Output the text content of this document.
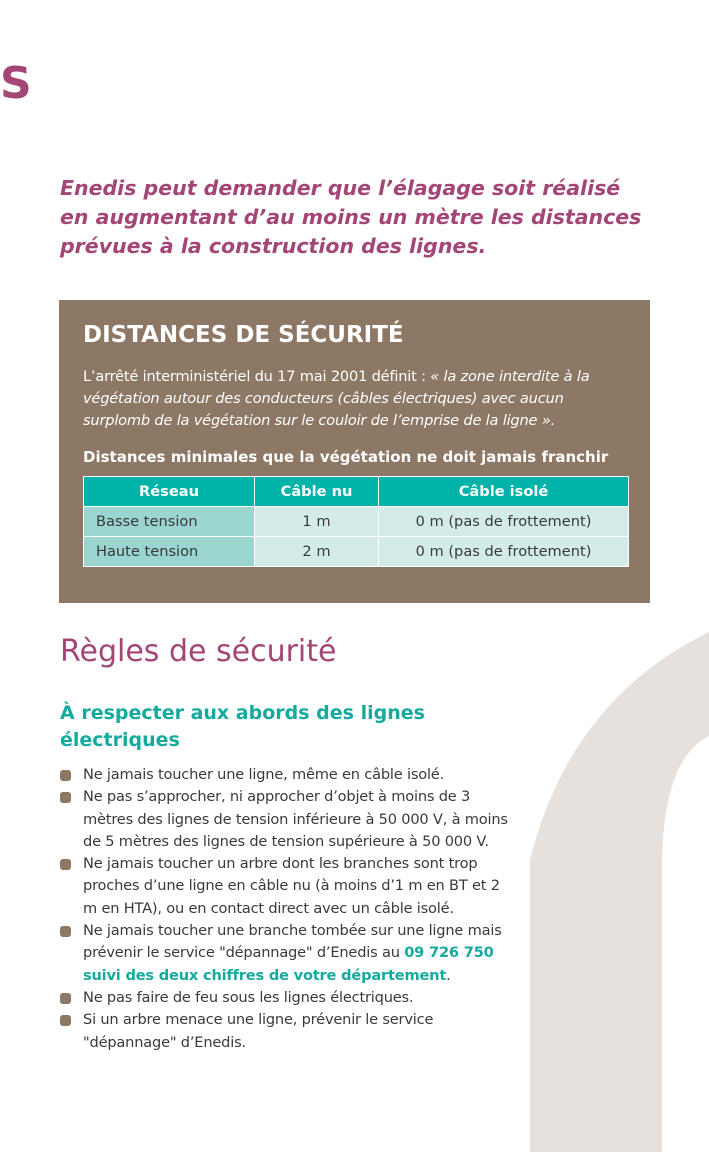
S

Enedis peut demander que l’élagage soit réalisé
en augmentant d’au moins un mètre les distances
prévues à la construction des lignes.

DISTANCES DE SÉCURITÉ

L’arrêté interministériel du 17 mai 2001 définit : « la zone interdite à la végétation autour des conducteurs (câbles électriques) avec aucun surplomb de la végétation sur le couloir de l’emprise de la ligne ».

Distances minimales que la végétation ne doit jamais franchir

Réseau	Câble nu	Câble isolé
Basse tension	1 m	0 m (pas de frottement)
Haute tension	2 m	0 m (pas de frottement)
Règles de sécurité
À respecter aux abords des lignes électriques
Ne jamais toucher une ligne, même en câble isolé.
Ne pas s’approcher, ni approcher d’objet à moins de 3 mètres des lignes de tension inférieure à 50 000 V, à moins de 5 mètres des lignes de tension supérieure à 50 000 V.
Ne jamais toucher un arbre dont les branches sont trop proches d’une ligne en câble nu (à moins d’1 m en BT et 2 m en HTA), ou en contact direct avec un câble isolé.
Ne jamais toucher une branche tombée sur une ligne mais prévenir le service "dépannage" d’Enedis au 09 726 750 suivi des deux chiffres de votre département.
Ne pas faire de feu sous les lignes électriques.
Si un arbre menace une ligne, prévenir le service "dépannage" d’Enedis.
